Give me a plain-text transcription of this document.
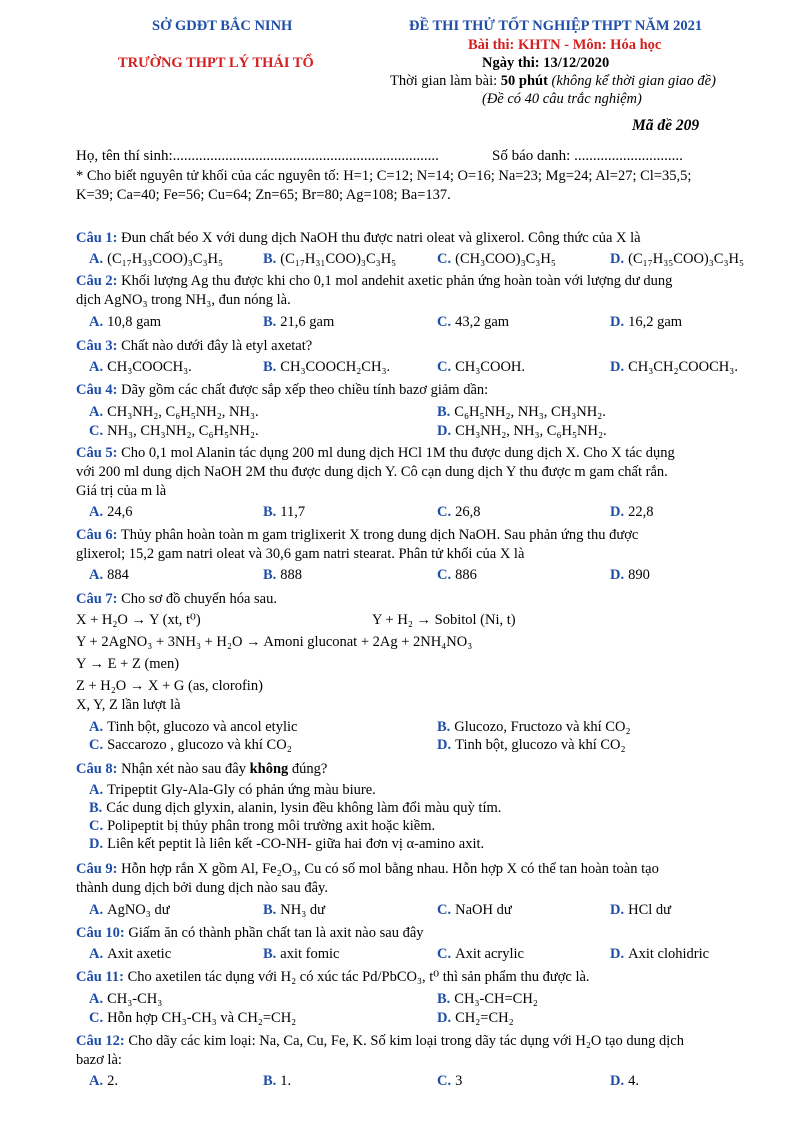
SỞ GDĐT BẮC NINH	ĐỀ THI THỬ TỐT NGHIỆP THPT NĂM 2021
Bài thi: KHTN - Môn: Hóa học
TRƯỜNG THPT LÝ THÁI TỔ	Ngày thi: 13/12/2020
Thời gian làm bài: 50 phút (không kể thời gian giao đề)
(Đề có 40 câu trắc nghiệm)
Mã đề 209
Họ, tên thí sinh:.......................................................................	Số báo danh: .............................
* Cho biết nguyên tử khối của các nguyên tố: H=1; C=12; N=14; O=16; Na=23; Mg=24; Al=27; Cl=35,5;
K=39; Ca=40; Fe=56; Cu=64; Zn=65; Br=80; Ag=108; Ba=137.
Câu 1: Đun chất béo X với dung dịch NaOH thu được natri oleat và glixerol. Công thức của X là
A. (C₁₇H₃₃COO)₃C₃H₅	B. (C₁₇H₃₁COO)₃C₃H₅	C. (CH₃COO)₃C₃H₅	D. (C₁₇H₃₅COO)₃C₃H₅
Câu 2: Khối lượng Ag thu được khi cho 0,1 mol andehit axetic phản ứng hoàn toàn với lượng dư dung
dịch AgNO₃ trong NH₃, đun nóng là.
A. 10,8 gam	B. 21,6 gam	C. 43,2 gam	D. 16,2 gam
Câu 3: Chất nào dưới đây là etyl axetat?
A. CH₃COOCH₃.	B. CH₃COOCH₂CH₃.	C. CH₃COOH.	D. CH₃CH₂COOCH₃.
Câu 4: Dãy gồm các chất được sắp xếp theo chiều tính bazơ giảm dần:
A. CH₃NH₂, C₆H₅NH₂, NH₃.	B. C₆H₅NH₂, NH₃, CH₃NH₂.
C. NH₃, CH₃NH₂, C₆H₅NH₂.	D. CH₃NH₂, NH₃, C₆H₅NH₂.
Câu 5: Cho 0,1 mol Alanin tác dụng 200 ml dung dịch HCl 1M thu được dung dịch X. Cho X tác dụng
với 200 ml dung dịch NaOH 2M thu được dung dịch Y. Cô cạn dung dịch Y thu được m gam chất rắn.
Giá trị của m là
A. 24,6	B. 11,7	C. 26,8	D. 22,8
Câu 6: Thủy phân hoàn toàn m gam triglixerit X trong dung dịch NaOH. Sau phản ứng thu được
glixerol; 15,2 gam natri oleat và 30,6 gam natri stearat. Phân tử khối của X là
A. 884	B. 888	C. 886	D. 890
Câu 7: Cho sơ đồ chuyển hóa sau.
X + H₂O → Y (xt, t⁰)	Y + H₂ → Sobitol (Ni, t)
Y + 2AgNO₃ + 3NH₃ + H₂O → Amoni gluconat + 2Ag + 2NH₄NO₃
Y → E + Z (men)
Z + H₂O → X + G (as, clorofin)
X, Y, Z lần lượt là
A. Tinh bột, glucozo và ancol etylic	B. Glucozo, Fructozo và khí CO₂
C. Saccarozo , glucozo và khí CO₂	D. Tinh bột, glucozo và khí CO₂
Câu 8: Nhận xét nào sau đây không đúng?
A. Tripeptit Gly-Ala-Gly có phản ứng màu biure.
B. Các dung dịch glyxin, alanin, lysin đều không làm đổi màu quỳ tím.
C. Polipeptit bị thủy phân trong môi trường axit hoặc kiềm.
D. Liên kết peptit là liên kết -CO-NH- giữa hai đơn vị α-amino axit.
Câu 9: Hỗn hợp rắn X gồm Al, Fe₂O₃, Cu có số mol bằng nhau. Hỗn hợp X có thể tan hoàn toàn tạo
thành dung dịch bởi dung dịch nào sau đây.
A. AgNO₃ dư	B. NH₃ dư	C. NaOH dư	D. HCl dư
Câu 10: Giấm ăn có thành phần chất tan là axit nào sau đây
A. Axit axetic	B. axit fomic	C. Axit acrylic	D. Axit clohidric
Câu 11: Cho axetilen tác dụng với H₂ có xúc tác Pd/PbCO₃, t⁰ thì sản phẩm thu được là.
A. CH₃-CH₃	B. CH₃-CH=CH₂
C. Hỗn hợp CH₃-CH₃ và CH₂=CH₂	D. CH₂=CH₂
Câu 12: Cho dãy các kim loại: Na, Ca, Cu, Fe, K. Số kim loại trong dãy tác dụng với H₂O tạo dung dịch
bazơ là:
A. 2.	B. 1.	C. 3	D. 4.
